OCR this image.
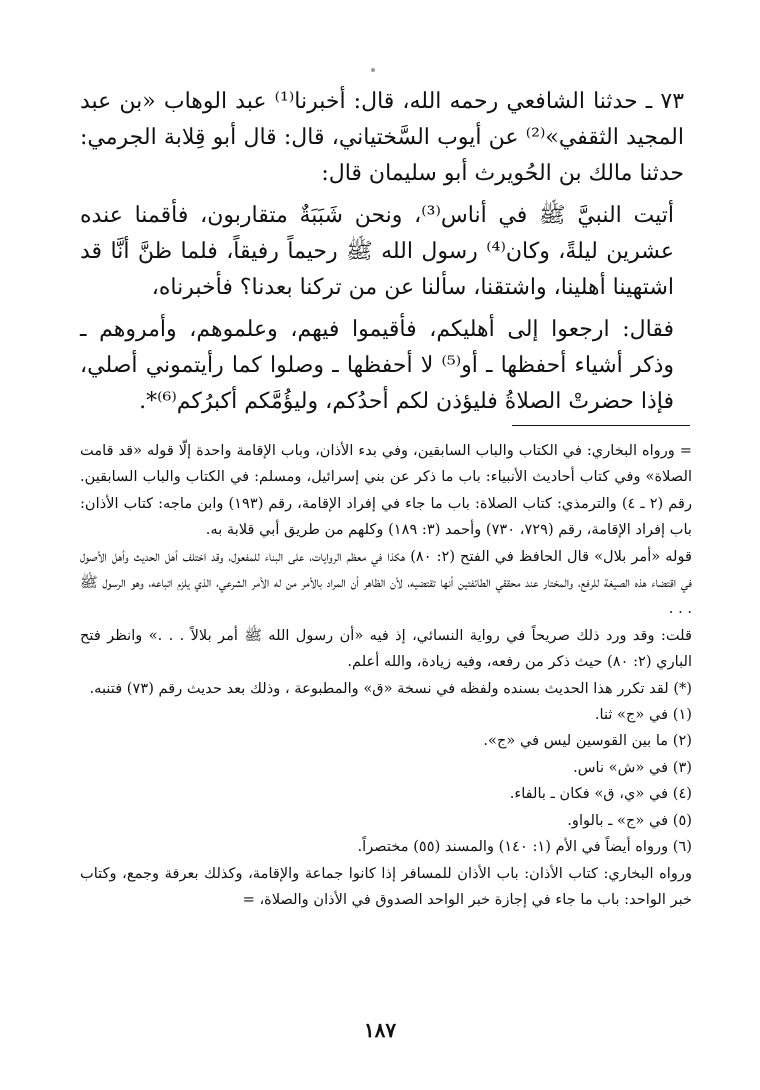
٧٣ ـ حدثنا الشافعي رحمه الله، قال: أخبرنا⁽¹⁾ عبد الوهاب «بن عبد المجيد الثقفي»⁽²⁾ عن أيوب السَّختياني، قال: قال أبو قِلابة الجرمي: حدثنا مالك بن الحُويرث أبو سليمان قال:

أتيت النبيَّ ﷺ في أناس⁽³⁾، ونحن شَبَبَةٌ متقاربون، فأقمنا عنده عشرين ليلةً، وكان⁽⁴⁾ رسول الله ﷺ رحيماً رفيقاً، فلما ظنَّ أنَّا قد اشتهينا أهلينا، واشتقنا، سألنا عن من تركنا بعدنا؟ فأخبرناه،

فقال: ارجعوا إلى أهليكم، فأقيموا فيهم، وعلموهم، وأمروهم ـ وذكر أشياء أحفظها ـ أو⁽⁵⁾ لا أحفظها ـ وصلوا كما رأيتموني أصلي، فإذا حضرتْ الصلاةُ فليؤذن لكم أحدُكم، وليؤُمَّكم أكبرُكم⁽⁶⁾*.

= ورواه البخاري: في الكتاب والباب السابقين، وفي بدء الأذان، وباب الإقامة واحدة إلّا قوله «قد قامت الصلاة» وفي كتاب أحاديث الأنبياء: باب ما ذكر عن بني إسرائيل، ومسلم: في الكتاب والباب السابقين. رقم (٢ ـ ٤) والترمذي: كتاب الصلاة: باب ما جاء في إفراد الإقامة، رقم (١٩٣) وابن ماجه: كتاب الأذان: باب إفراد الإقامة، رقم (٧٢٩، ٧٣٠) وأحمد (٣: ١٨٩) وكلهم من طريق أبي قلابة به.

قوله «أمر بلال» قال الحافظ في الفتح (٢: ٨٠) هكذا في معظم الروايات، على البناء للمفعول، وقد اختلف أهل الحديث وأهل الأصول في اقتضاء هذه الصيغة للرفع، والمختار عند محققي الطائفتين أنها تقتضيه، لأن الظاهر أن المراد بالأمر من له الأمر الشرعي، الذي يلزم اتباعه، وهو الرسول ﷺ . . .

قلت: وقد ورد ذلك صريحاً في رواية النسائي، إذ فيه «أن رسول الله ﷺ أمر بلالاً . . .» وانظر فتح الباري (٢: ٨٠) حيث ذكر من رفعه، وفيه زيادة، والله أعلم.

(*) لقد تكرر هذا الحديث بسنده ولفظه في نسخة «ق» والمطبوعة ، وذلك بعد حديث رقم (٧٣) فتنبه.

(١) في «ج» ثنا.

(٢) ما بين القوسين ليس في «ج».

(٣) في «ش» ناس.

(٤) في «ي، ق» فكان ـ بالفاء.

(٥) في «ج» ـ بالواو.

(٦) ورواه أيضاً في الأم (١: ١٤٠) والمسند (٥٥) مختصراً.

ورواه البخاري: كتاب الأذان: باب الأذان للمسافر إذا كانوا جماعة والإقامة، وكذلك بعرفة وجمع، وكتاب خبر الواحد: باب ما جاء في إجازة خبر الواحد الصدوق في الأذان والصلاة، =

١٨٧
